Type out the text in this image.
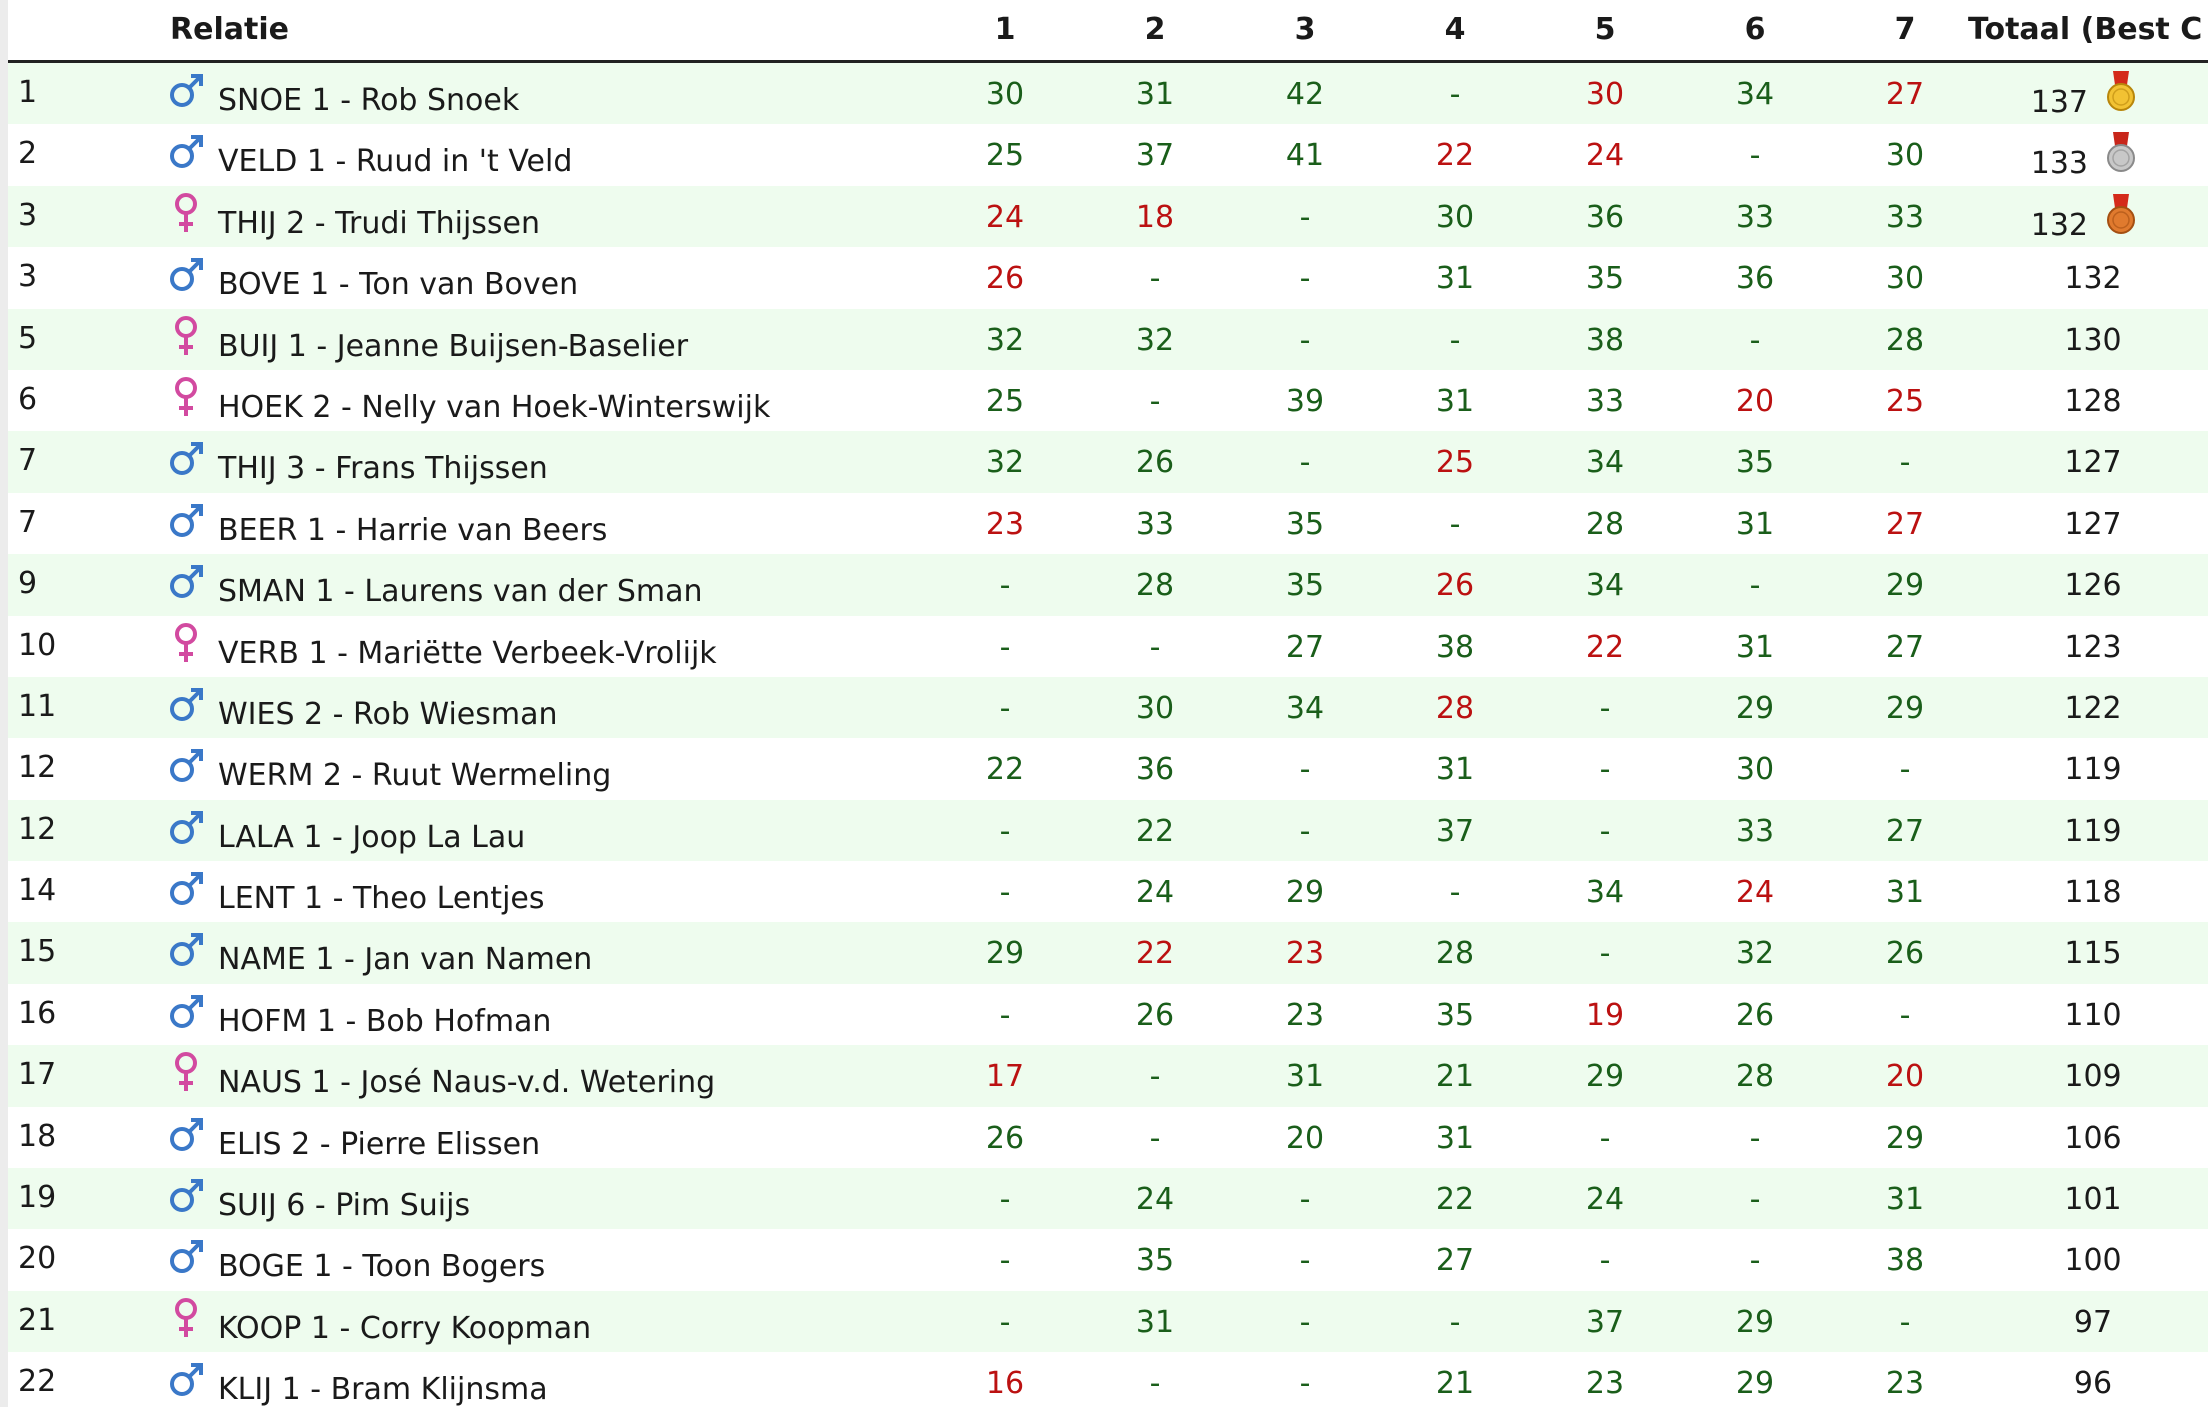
Relatie	1	2	3	4	5	6	7	Totaal (Best C
1	SNOE 1 - Rob Snoek	30	31	42	-	30	34	27	137
2	VELD 1 - Ruud in 't Veld	25	37	41	22	24	-	30	133
3	THIJ 2 - Trudi Thijssen	24	18	-	30	36	33	33	132
3	BOVE 1 - Ton van Boven	26	-	-	31	35	36	30	132
5	BUIJ 1 - Jeanne Buijsen-Baselier	32	32	-	-	38	-	28	130
6	HOEK 2 - Nelly van Hoek-Winterswijk	25	-	39	31	33	20	25	128
7	THIJ 3 - Frans Thijssen	32	26	-	25	34	35	-	127
7	BEER 1 - Harrie van Beers	23	33	35	-	28	31	27	127
9	SMAN 1 - Laurens van der Sman	-	28	35	26	34	-	29	126
10	VERB 1 - Mariëtte Verbeek-Vrolijk	-	-	27	38	22	31	27	123
11	WIES 2 - Rob Wiesman	-	30	34	28	-	29	29	122
12	WERM 2 - Ruut Wermeling	22	36	-	31	-	30	-	119
12	LALA 1 - Joop La Lau	-	22	-	37	-	33	27	119
14	LENT 1 - Theo Lentjes	-	24	29	-	34	24	31	118
15	NAME 1 - Jan van Namen	29	22	23	28	-	32	26	115
16	HOFM 1 - Bob Hofman	-	26	23	35	19	26	-	110
17	NAUS 1 - José Naus-v.d. Wetering	17	-	31	21	29	28	20	109
18	ELIS 2 - Pierre Elissen	26	-	20	31	-	-	29	106
19	SUIJ 6 - Pim Suijs	-	24	-	22	24	-	31	101
20	BOGE 1 - Toon Bogers	-	35	-	27	-	-	38	100
21	KOOP 1 - Corry Koopman	-	31	-	-	37	29	-	97
22	KLIJ 1 - Bram Klijnsma	16	-	-	21	23	29	23	96
